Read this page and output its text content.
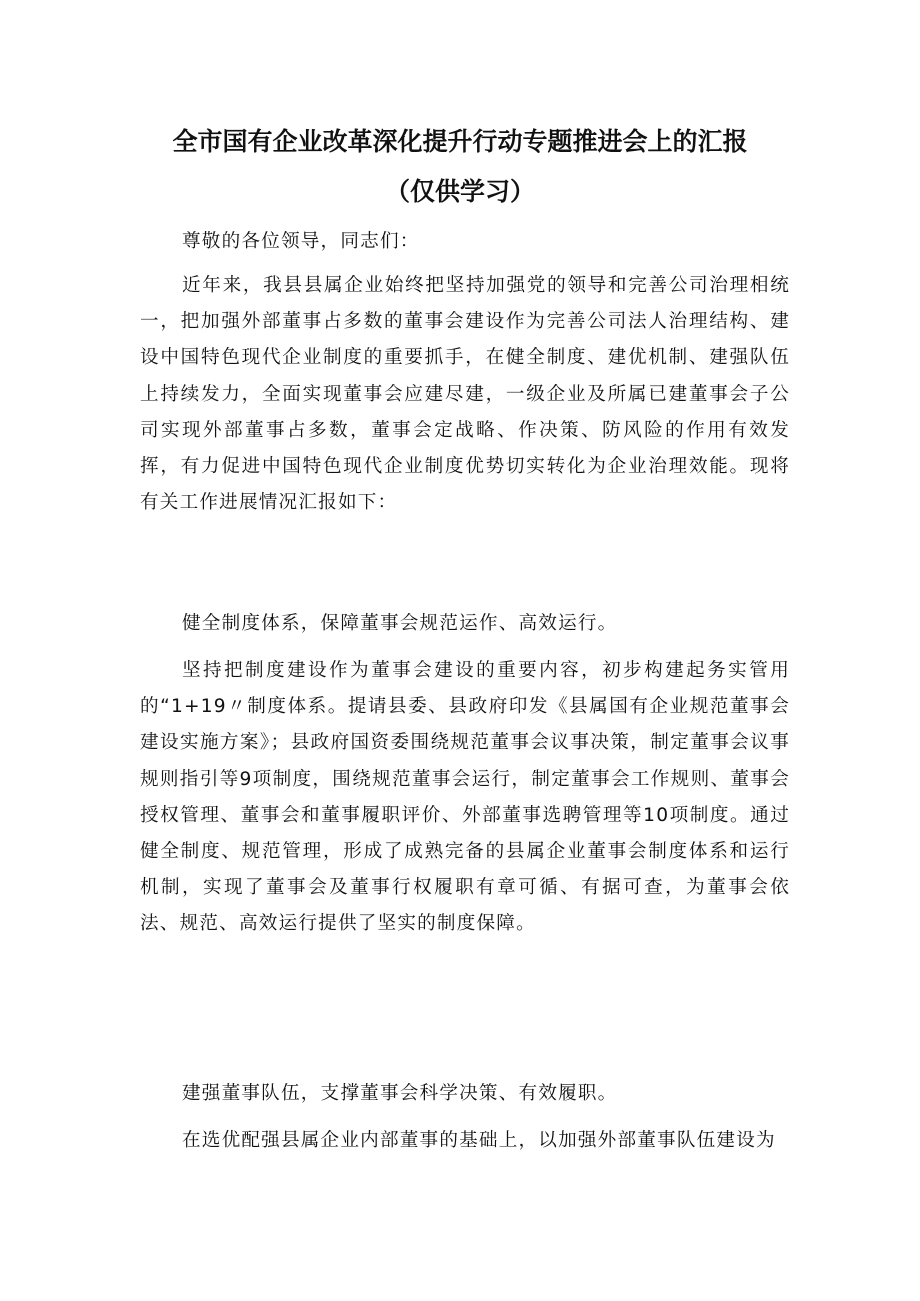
全市国有企业改革深化提升行动专题推进会上的汇报
（仅供学习）

尊敬的各位领导，同志们：

近年来，我县县属企业始终把坚持加强党的领导和完善公司治理相统一，把加强外部董事占多数的董事会建设作为完善公司法人治理结构、建设中国特色现代企业制度的重要抓手，在健全制度、建优机制、建强队伍上持续发力，全面实现董事会应建尽建，一级企业及所属已建董事会子公司实现外部董事占多数，董事会定战略、作决策、防风险的作用有效发挥，有力促进中国特色现代企业制度优势切实转化为企业治理效能。现将有关工作进展情况汇报如下：

健全制度体系，保障董事会规范运作、高效运行。

坚持把制度建设作为董事会建设的重要内容，初步构建起务实管用的“1+19〃制度体系。提请县委、县政府印发《县属国有企业规范董事会建设实施方案》；县政府国资委围绕规范董事会议事决策，制定董事会议事规则指引等9项制度，围绕规范董事会运行，制定董事会工作规则、董事会授权管理、董事会和董事履职评价、外部董事选聘管理等10项制度。通过健全制度、规范管理，形成了成熟完备的县属企业董事会制度体系和运行机制，实现了董事会及董事行权履职有章可循、有据可查，为董事会依法、规范、高效运行提供了坚实的制度保障。

建强董事队伍，支撑董事会科学决策、有效履职。

在选优配强县属企业内部董事的基础上，以加强外部董事队伍建设为
